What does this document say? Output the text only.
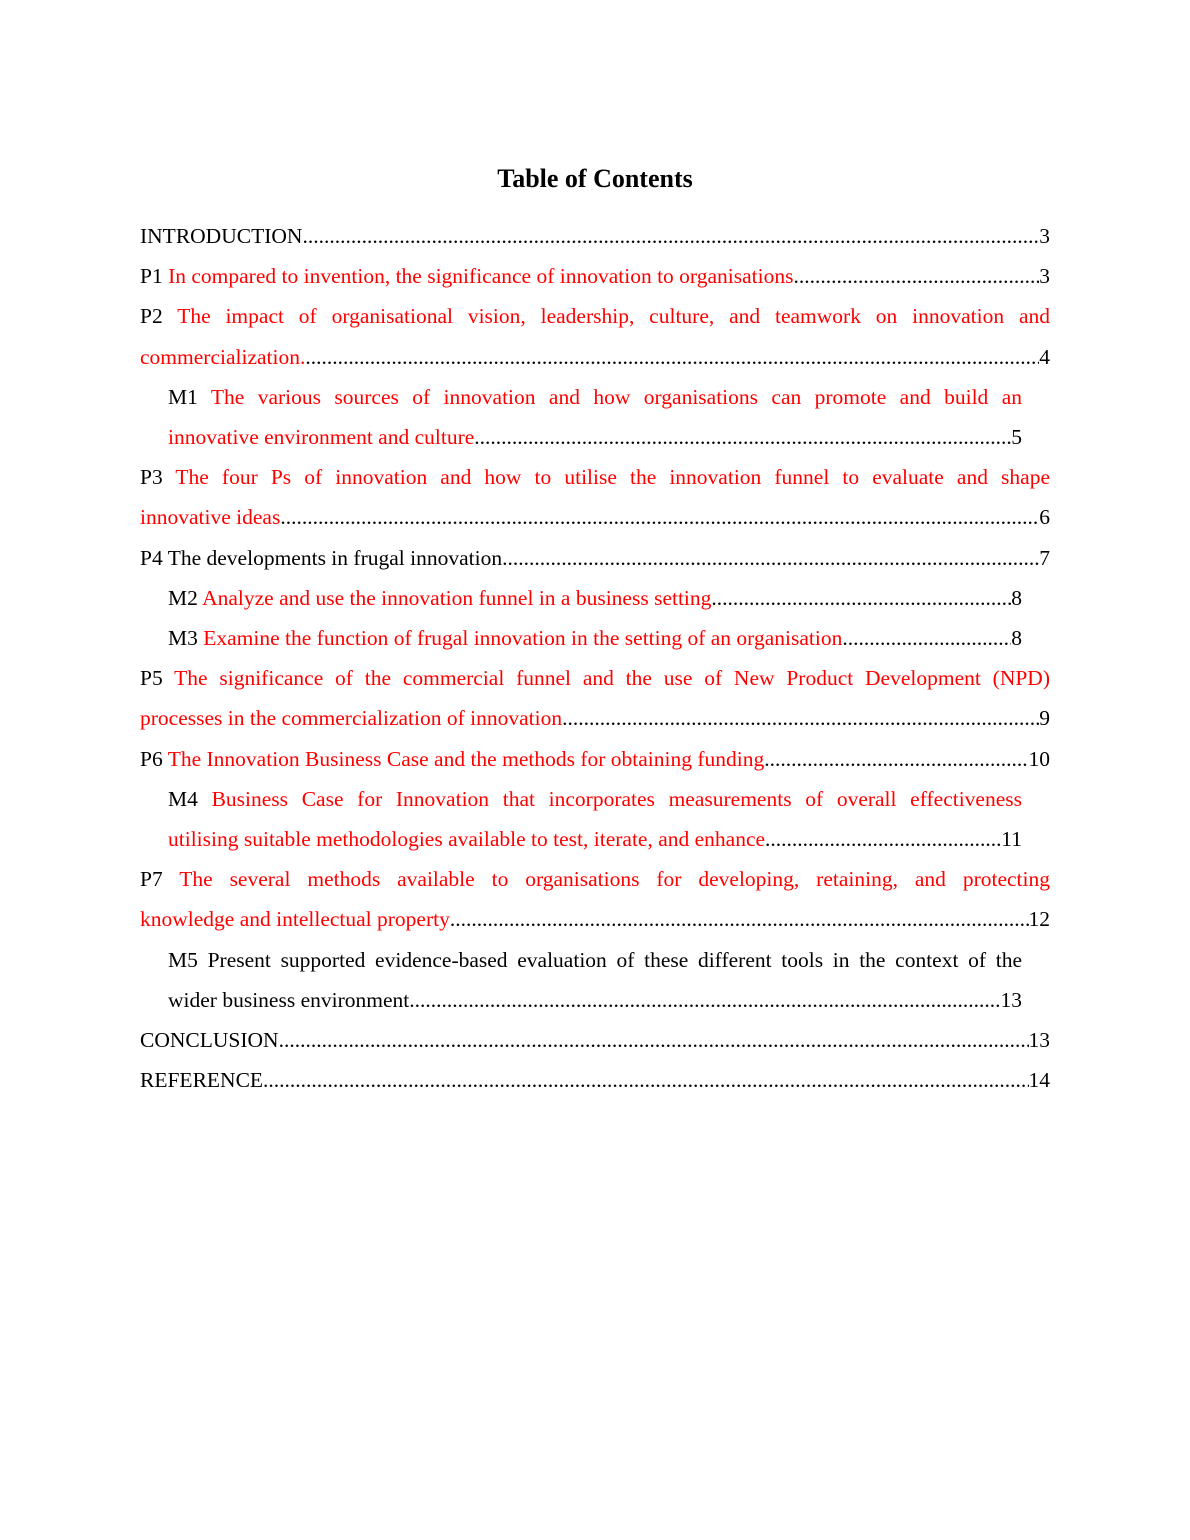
Table of Contents
INTRODUCTION .....	3
P1 In compared to invention, the significance of innovation to organisations .....	3
P2 The impact of organisational vision, leadership, culture, and teamwork on innovation and
commercialization. .....	4
M1 The various sources of innovation and how organisations can promote and build an
innovative environment and culture .....	5
P3 The four Ps of innovation and how to utilise the innovation funnel to evaluate and shape
innovative ideas .....	6
P4 The developments in frugal innovation .....	7
M2 Analyze and use the innovation funnel in a business setting .....	8
M3 Examine the function of frugal innovation in the setting of an organisation .....	8
P5 The significance of the commercial funnel and the use of New Product Development (NPD)
processes in the commercialization of innovation .....	9
P6 The Innovation Business Case and the methods for obtaining funding .....	10
M4 Business Case for Innovation that incorporates measurements of overall effectiveness
utilising suitable methodologies available to test, iterate, and enhance .....	11
P7 The several methods available to organisations for developing, retaining, and protecting
knowledge and intellectual property .....	12
M5 Present supported evidence-based evaluation of these different tools in the context of the
wider business environment .....	13
CONCLUSION .....	13
REFERENCE .....	14
